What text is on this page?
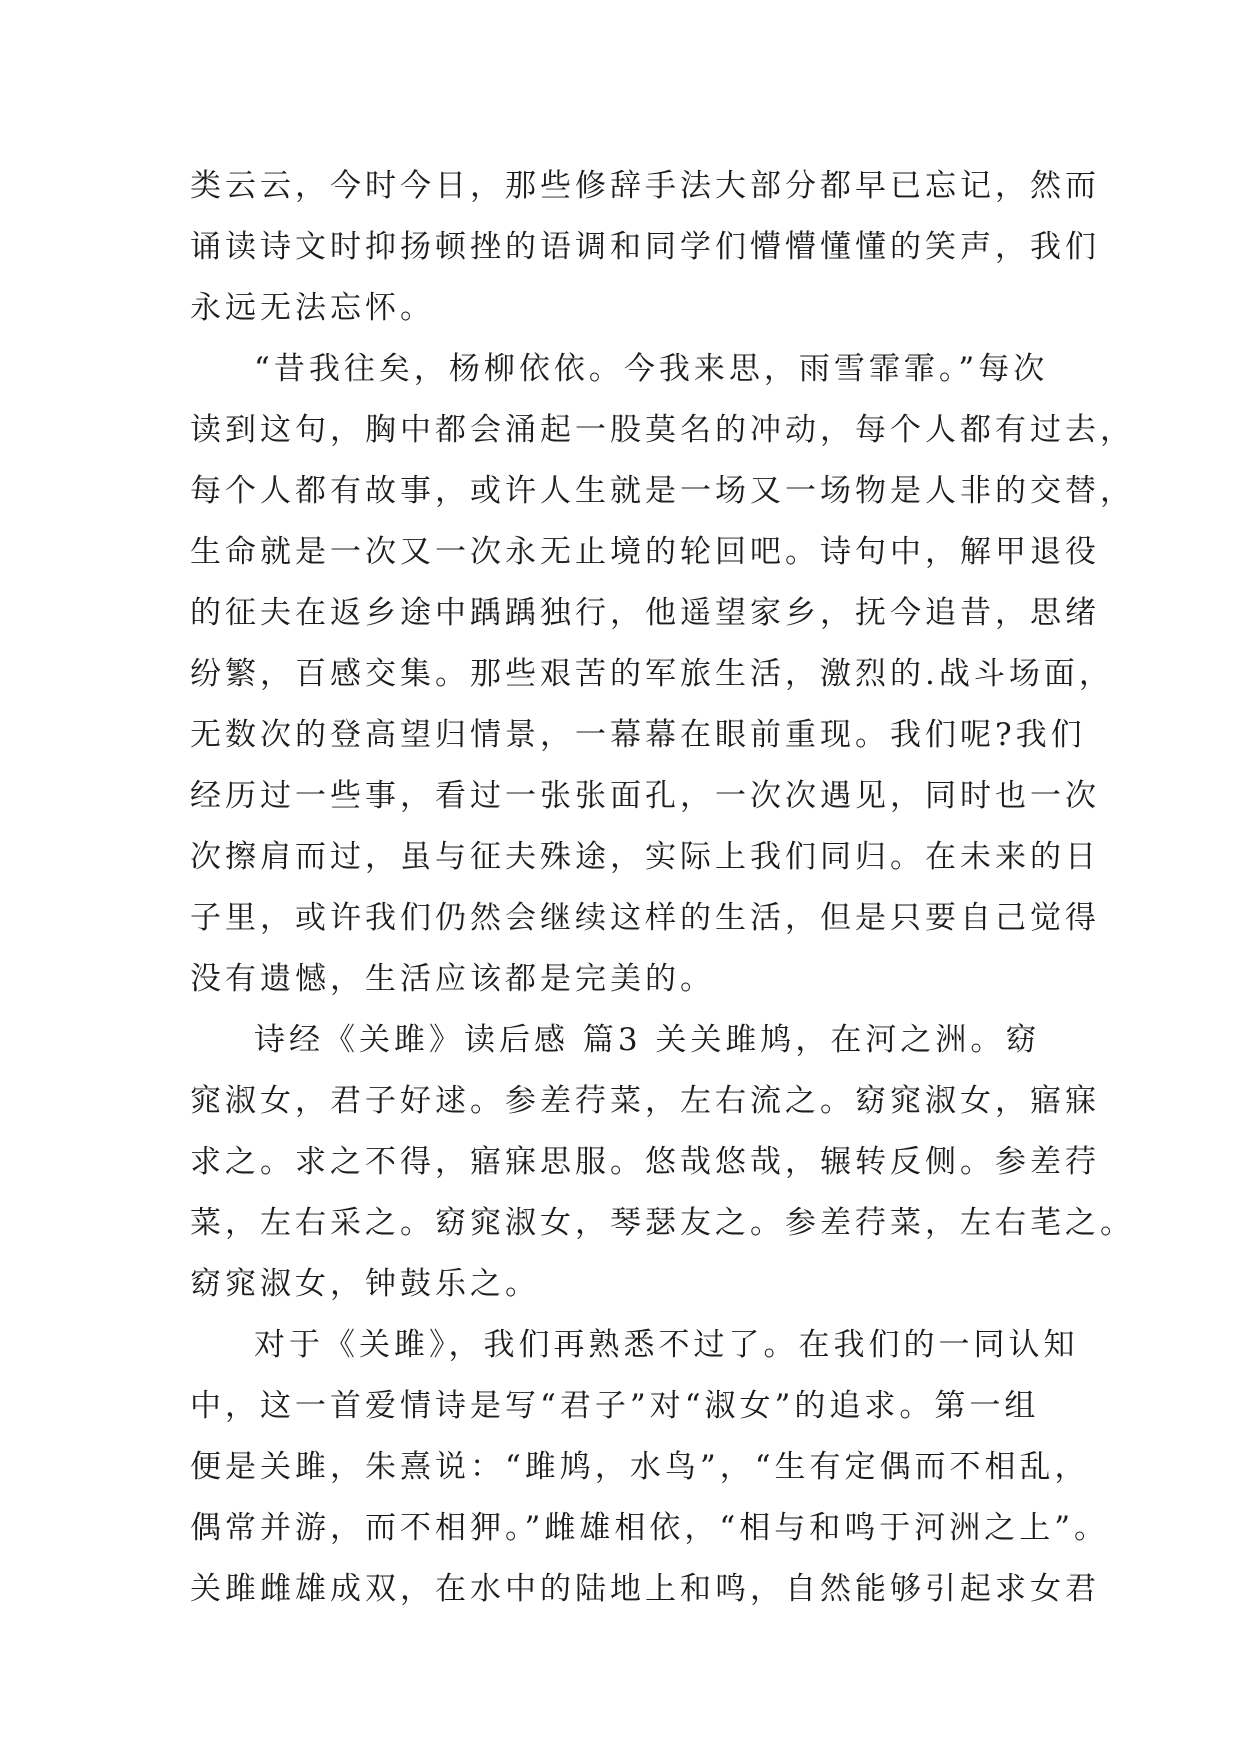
类云云，今时今日，那些修辞手法大部分都早已忘记，然而
诵读诗文时抑扬顿挫的语调和同学们懵懵懂懂的笑声，我们
永远无法忘怀。
“昔我往矣，杨柳依依。今我来思，雨雪霏霏。”每次
读到这句，胸中都会涌起一股莫名的冲动，每个人都有过去，
每个人都有故事，或许人生就是一场又一场物是人非的交替，
生命就是一次又一次永无止境的轮回吧。诗句中，解甲退役
的征夫在返乡途中踽踽独行，他遥望家乡，抚今追昔，思绪
纷繁，百感交集。那些艰苦的军旅生活，激烈的.战斗场面，
无数次的登高望归情景，一幕幕在眼前重现。我们呢?我们
经历过一些事，看过一张张面孔，一次次遇见，同时也一次
次擦肩而过，虽与征夫殊途，实际上我们同归。在未来的日
子里，或许我们仍然会继续这样的生活，但是只要自己觉得
没有遗憾，生活应该都是完美的。
诗经《关雎》读后感 篇3 关关雎鸠，在河之洲。窈
窕淑女，君子好逑。参差荇菜，左右流之。窈窕淑女，寤寐
求之。求之不得，寤寐思服。悠哉悠哉，辗转反侧。参差荇
菜，左右采之。窈窕淑女，琴瑟友之。参差荇菜，左右芼之。
窈窕淑女，钟鼓乐之。
对于《关雎》，我们再熟悉不过了。在我们的一同认知
中，这一首爱情诗是写“君子”对“淑女”的追求。第一组
便是关雎，朱熹说：“雎鸠，水鸟”，“生有定偶而不相乱，
偶常并游，而不相狎。”雌雄相依，“相与和鸣于河洲之上”。
关雎雌雄成双，在水中的陆地上和鸣，自然能够引起求女君
